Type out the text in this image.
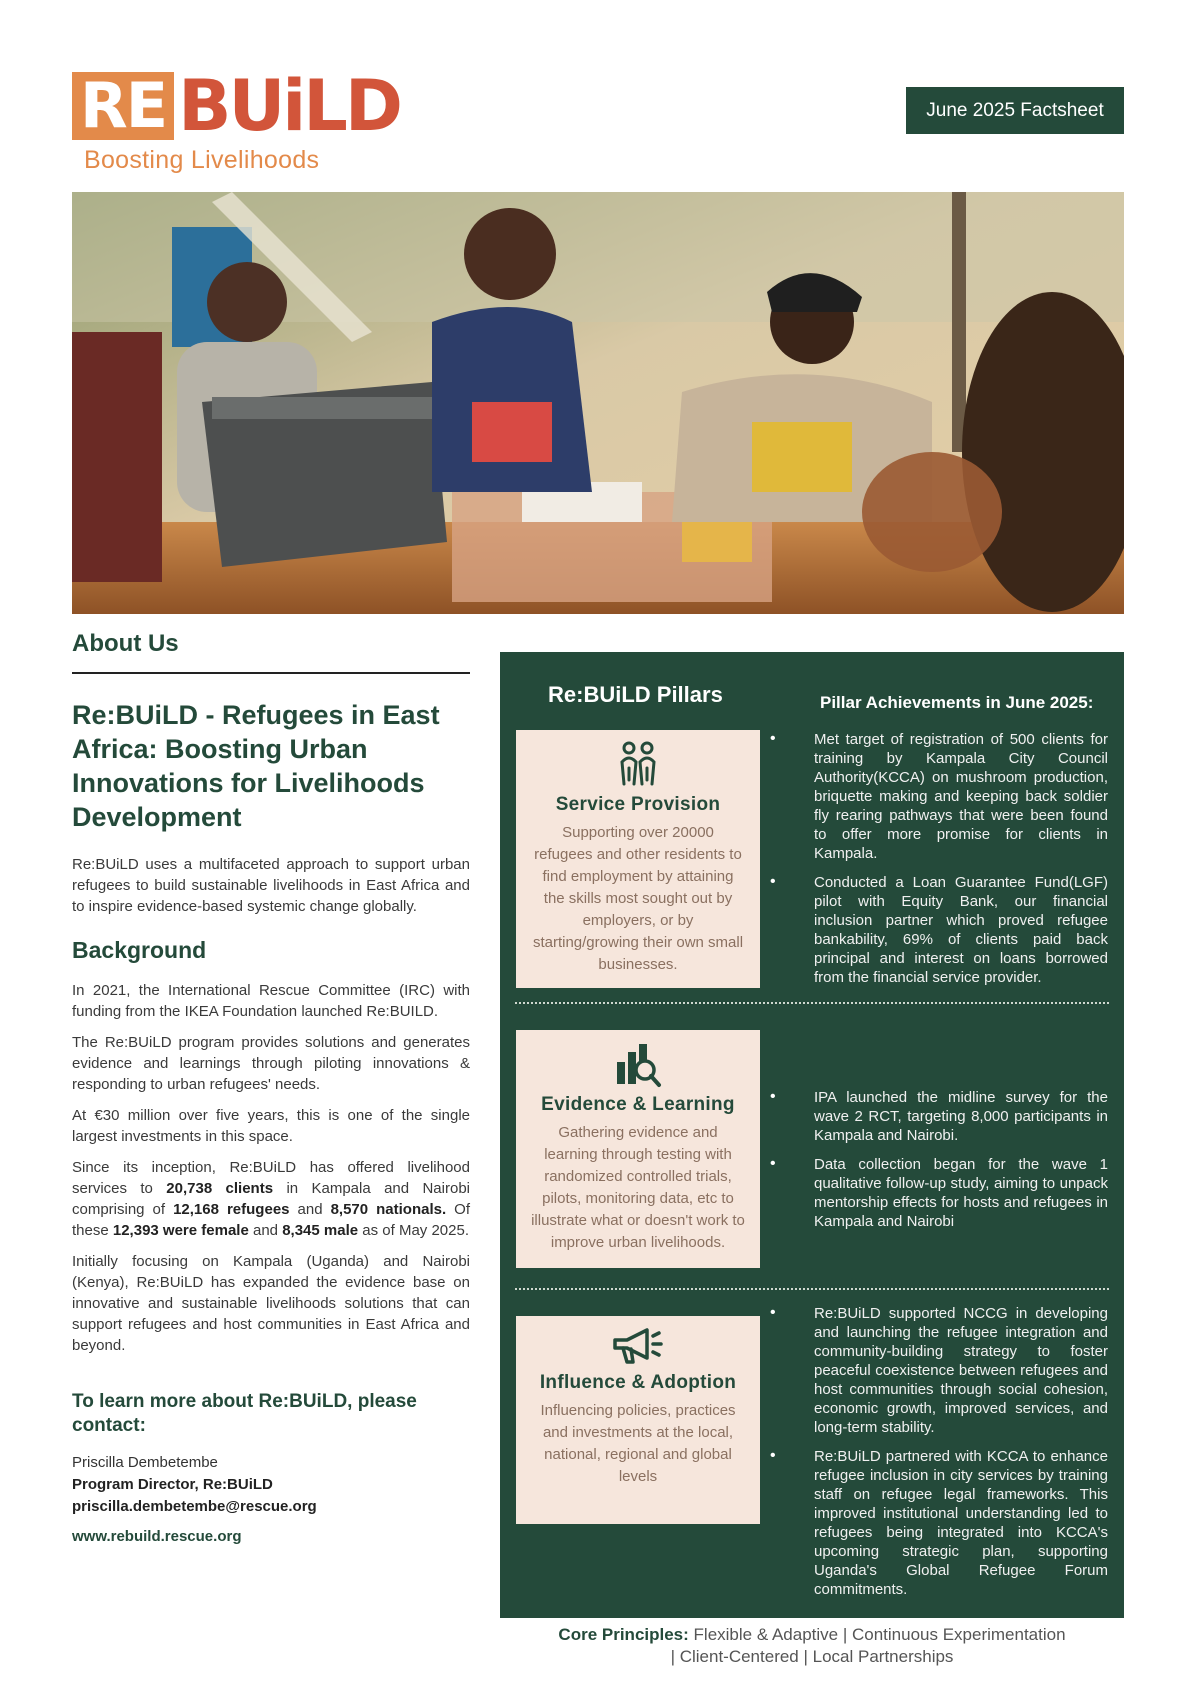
RE BUiLD
Boosting Livelihoods
June 2025 Factsheet
About Us
Re:BUiLD - Refugees in East Africa: Boosting Urban Innovations for Livelihoods Development

Re:BUiLD uses a multifaceted approach to support urban refugees to build sustainable livelihoods in East Africa and to inspire evidence-based systemic change globally.

Background

In 2021, the International Rescue Committee (IRC) with funding from the IKEA Foundation launched Re:BUILD.

The Re:BUiLD program provides solutions and generates evidence and learnings through piloting innovations & responding to urban refugees' needs.

At €30 million over five years, this is one of the single largest investments in this space.

Since its inception, Re:BUiLD has offered livelihood services to 20,738 clients in Kampala and Nairobi comprising of 12,168 refugees and 8,570 nationals. Of these 12,393 were female and 8,345 male as of May 2025.

Initially focusing on Kampala (Uganda) and Nairobi (Kenya), Re:BUiLD has expanded the evidence base on innovative and sustainable livelihoods solutions that can support refugees and host communities in East Africa and beyond.

To learn more about Re:BUiLD, please contact:
Priscilla Dembetembe
Program Director, Re:BUiLD
priscilla.dembetembe@rescue.org
www.rebuild.rescue.org
Re:BUiLD Pillars	Pillar Achievements in June 2025:
Service Provision
Supporting over 20000 refugees and other residents to find employment by attaining the skills most sought out by employers, or by starting/growing their own small businesses.
• Met target of registration of 500 clients for training by Kampala City Council Authority(KCCA) on mushroom production, briquette making and keeping back soldier fly rearing pathways that were been found to offer more promise for clients in Kampala.
• Conducted a Loan Guarantee Fund(LGF) pilot with Equity Bank, our financial inclusion partner which proved refugee bankability, 69% of clients paid back principal and interest on loans borrowed from the financial service provider.
Evidence & Learning
Gathering evidence and learning through testing with randomized controlled trials, pilots, monitoring data, etc to illustrate what or doesn't work to improve urban livelihoods.
• IPA launched the midline survey for the wave 2 RCT, targeting 8,000 participants in Kampala and Nairobi.
• Data collection began for the wave 1 qualitative follow-up study, aiming to unpack mentorship effects for hosts and refugees in Kampala and Nairobi
Influence & Adoption
Influencing policies, practices and investments at the local, national, regional and global levels
• Re:BUiLD supported NCCG in developing and launching the refugee integration and community-building strategy to foster peaceful coexistence between refugees and host communities through social cohesion, economic growth, improved services, and long-term stability.
• Re:BUiLD partnered with KCCA to enhance refugee inclusion in city services by training staff on refugee legal frameworks. This improved institutional understanding led to refugees being integrated into KCCA's upcoming strategic plan, supporting Uganda's Global Refugee Forum commitments.
Core Principles: Flexible & Adaptive | Continuous Experimentation
| Client-Centered | Local Partnerships
